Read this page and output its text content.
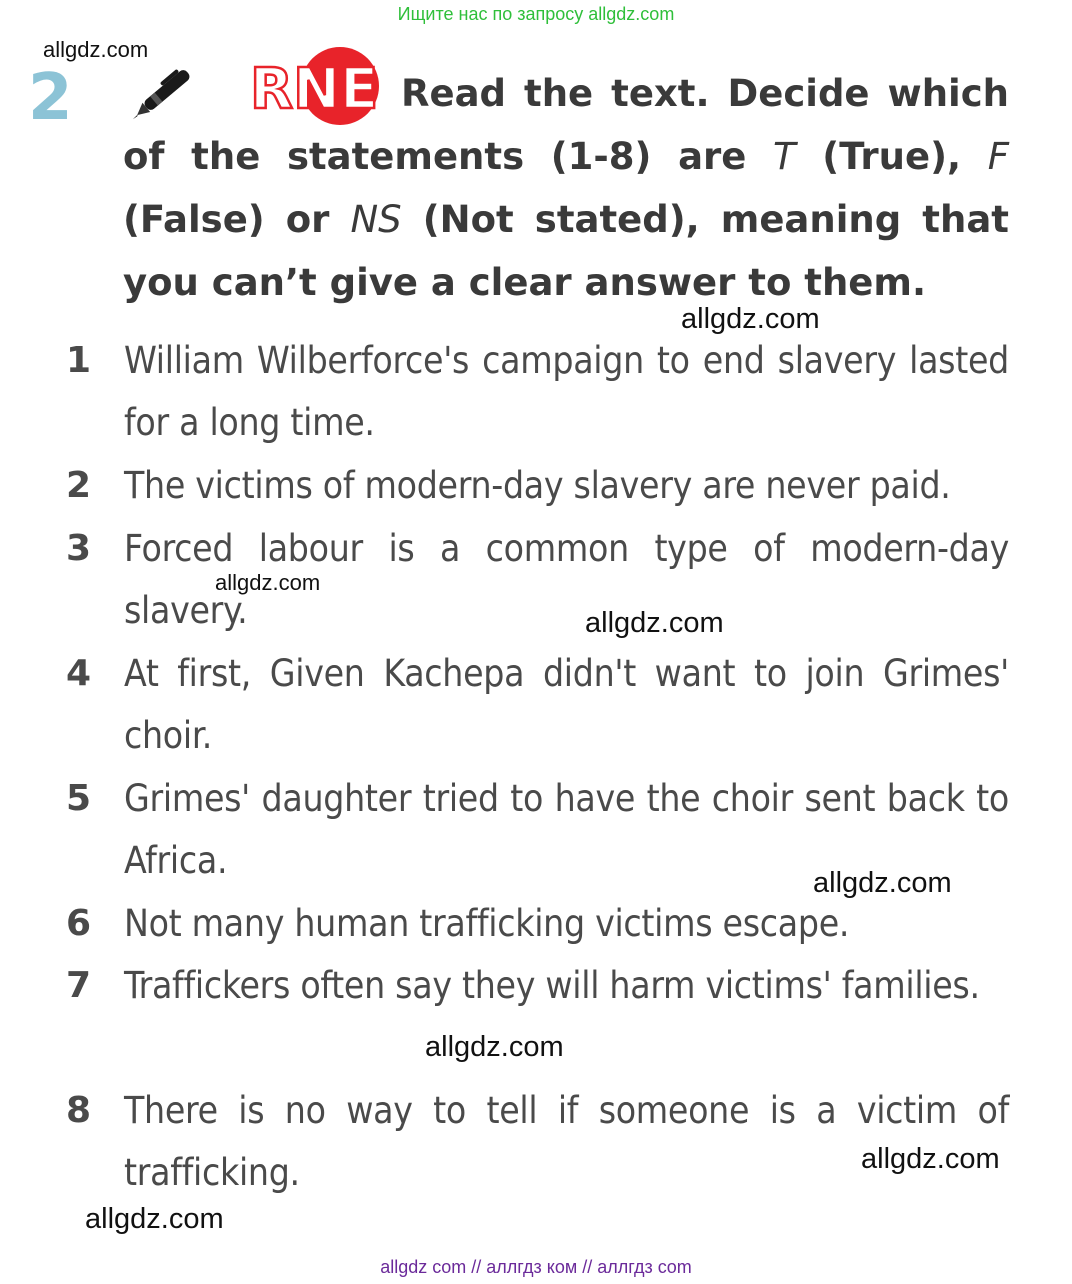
Ищите нас по запросу allgdz.com
2	RNE Read the text. Decide which of the statements (1-8) are T (True), F (False) or NS (Not stated), meaning that you can’t give a clear answer to them.
1 William Wilberforce's campaign to end slavery lasted for a long time.
2 The victims of modern-day slavery are never paid.
3 Forced labour is a common type of modern-day slavery.
4 At first, Given Kachepa didn't want to join Grimes' choir.
5 Grimes' daughter tried to have the choir sent back to Africa.
6 Not many human trafficking victims escape.
7 Traffickers often say they will harm victims' families.
8 There is no way to tell if someone is a victim of trafficking.
allgdz.com
allgdz.com
allgdz.com
allgdz.com
allgdz.com
allgdz.com
allgdz.com
allgdz.com
allgdz com // аллгдз ком // аллгдз com
